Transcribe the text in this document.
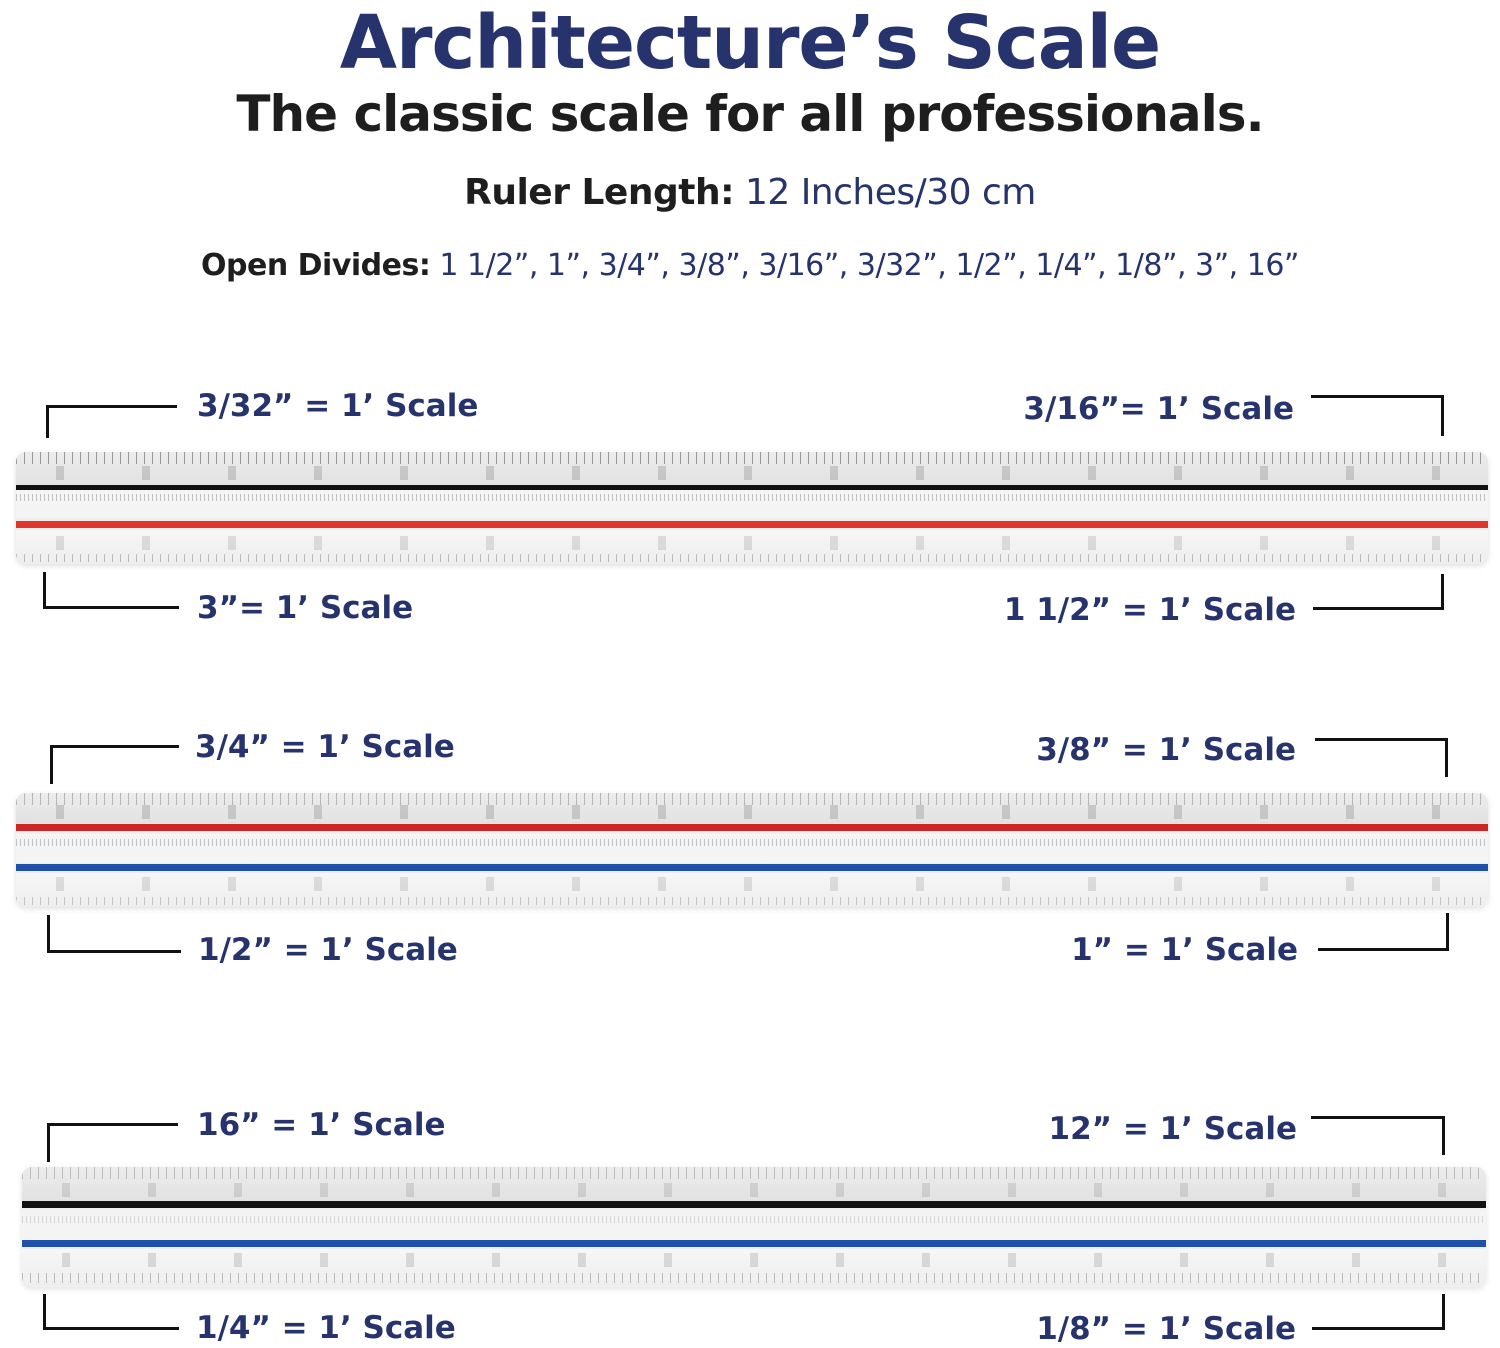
Architecture’s Scale
The classic scale for all professionals.
Ruler Length: 12 Inches/30 cm
Open Divides: 1 1/2”, 1”, 3/4”, 3/8”, 3/16”, 3/32”, 1/2”, 1/4”, 1/8”, 3”, 16”
3/32” = 1’ Scale	3/16”= 1’ Scale
3”= 1’ Scale	1 1/2” = 1’ Scale
3/4” = 1’ Scale	3/8” = 1’ Scale
1/2” = 1’ Scale	1” = 1’ Scale
16” = 1’ Scale	12” = 1’ Scale
1/4” = 1’ Scale	1/8” = 1’ Scale
